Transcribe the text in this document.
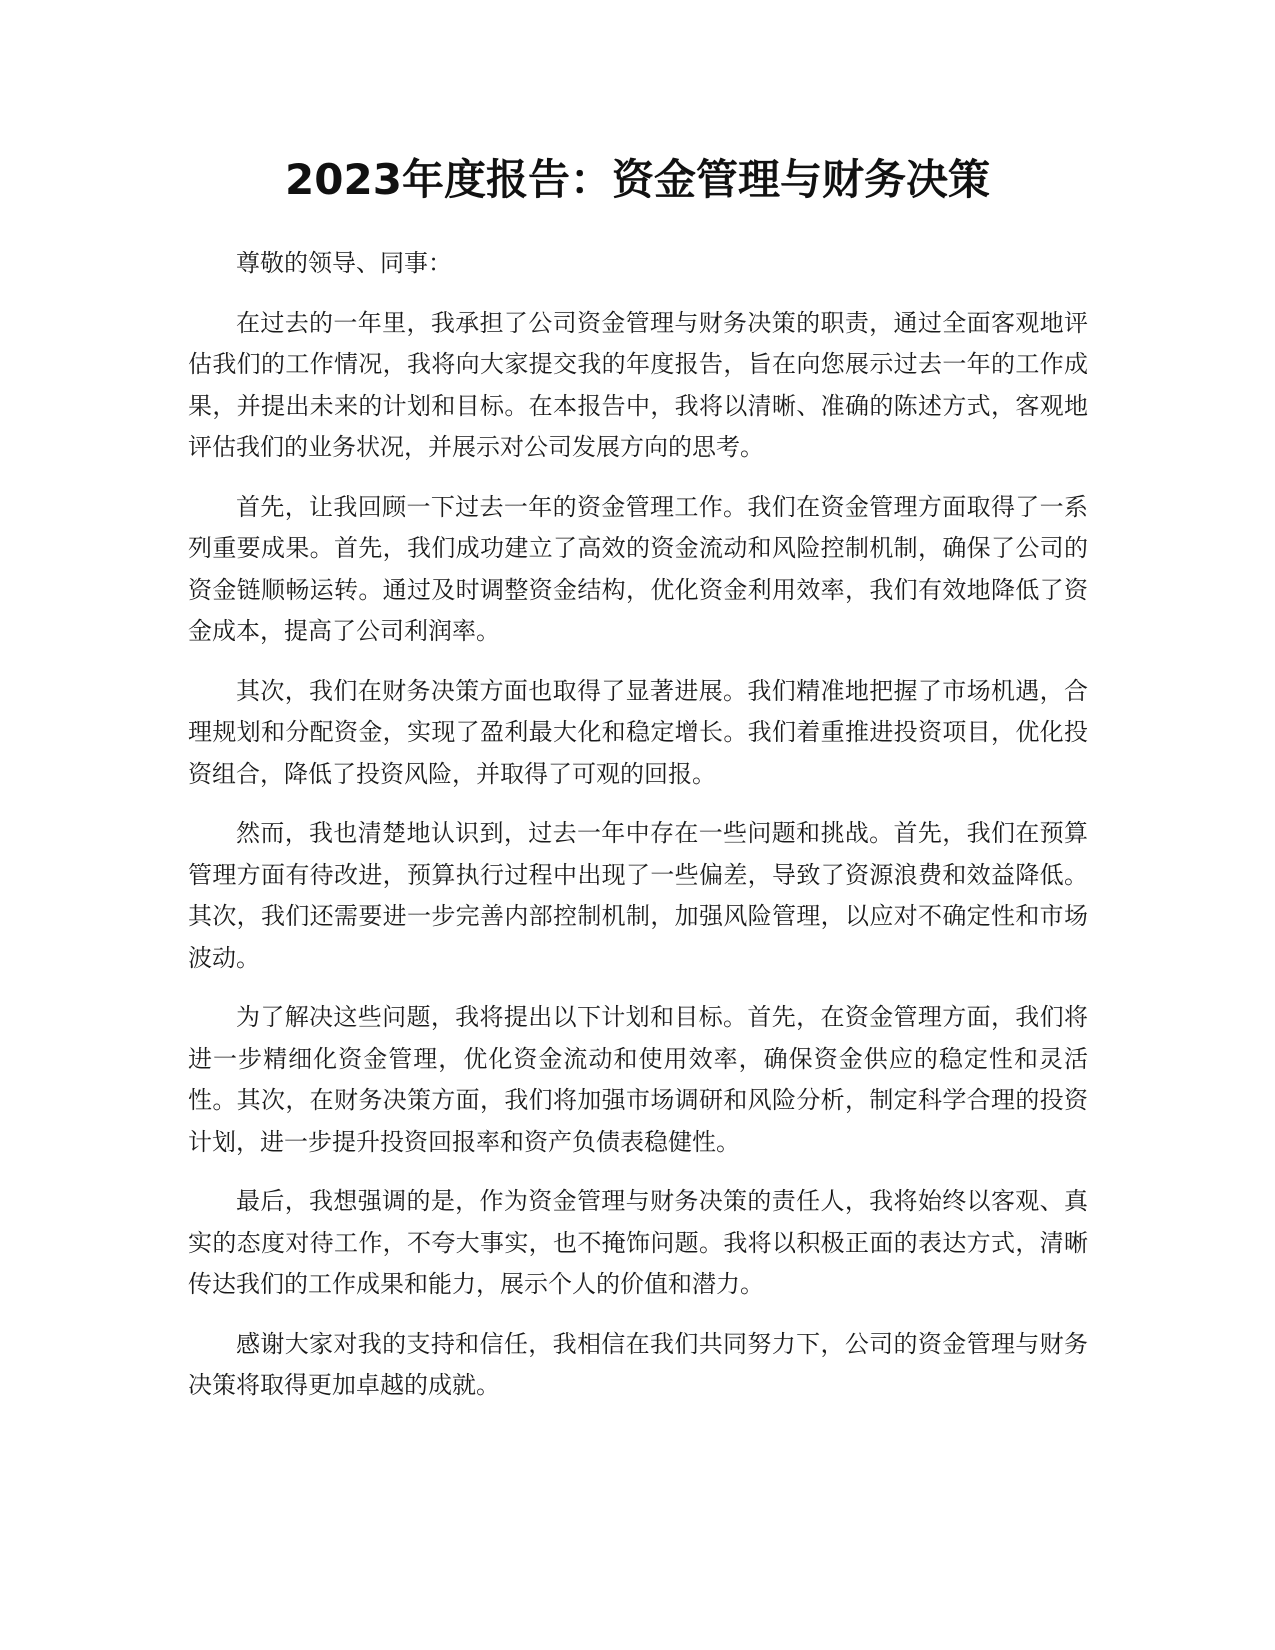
2023年度报告：资金管理与财务决策

尊敬的领导、同事：

在过去的一年里，我承担了公司资金管理与财务决策的职责，通过全面客观地评估我们的工作情况，我将向大家提交我的年度报告，旨在向您展示过去一年的工作成果，并提出未来的计划和目标。在本报告中，我将以清晰、准确的陈述方式，客观地评估我们的业务状况，并展示对公司发展方向的思考。

首先，让我回顾一下过去一年的资金管理工作。我们在资金管理方面取得了一系列重要成果。首先，我们成功建立了高效的资金流动和风险控制机制，确保了公司的资金链顺畅运转。通过及时调整资金结构，优化资金利用效率，我们有效地降低了资金成本，提高了公司利润率。

其次，我们在财务决策方面也取得了显著进展。我们精准地把握了市场机遇，合理规划和分配资金，实现了盈利最大化和稳定增长。我们着重推进投资项目，优化投资组合，降低了投资风险，并取得了可观的回报。

然而，我也清楚地认识到，过去一年中存在一些问题和挑战。首先，我们在预算管理方面有待改进，预算执行过程中出现了一些偏差，导致了资源浪费和效益降低。其次，我们还需要进一步完善内部控制机制，加强风险管理，以应对不确定性和市场波动。

为了解决这些问题，我将提出以下计划和目标。首先，在资金管理方面，我们将进一步精细化资金管理，优化资金流动和使用效率，确保资金供应的稳定性和灵活性。其次，在财务决策方面，我们将加强市场调研和风险分析，制定科学合理的投资计划，进一步提升投资回报率和资产负债表稳健性。

最后，我想强调的是，作为资金管理与财务决策的责任人，我将始终以客观、真实的态度对待工作，不夸大事实，也不掩饰问题。我将以积极正面的表达方式，清晰传达我们的工作成果和能力，展示个人的价值和潜力。

感谢大家对我的支持和信任，我相信在我们共同努力下，公司的资金管理与财务决策将取得更加卓越的成就。
